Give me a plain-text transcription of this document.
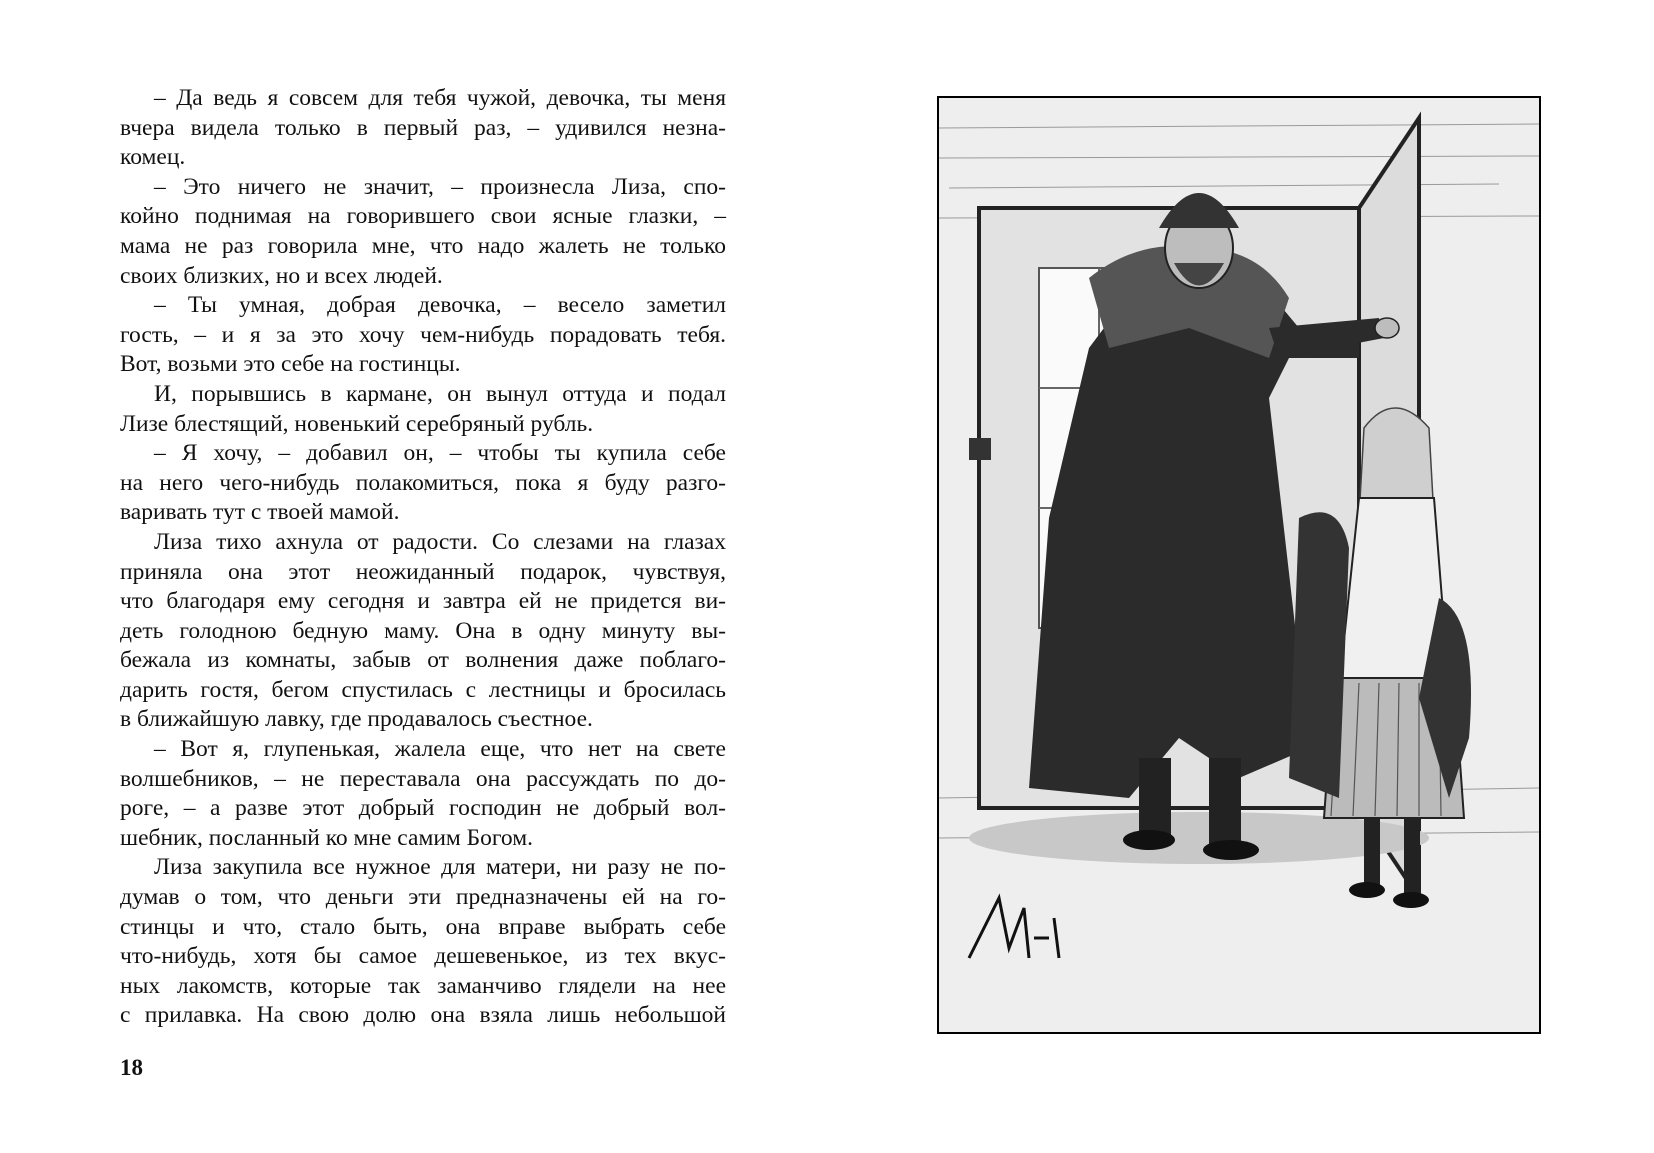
– Да ведь я совсем для тебя чужой, девочка, ты меня
вчера видела только в первый раз, – удивился незна-
комец.
– Это ничего не значит, – произнесла Лиза, спо-
койно поднимая на говорившего свои ясные глазки, –
мама не раз говорила мне, что надо жалеть не только
своих близких, но и всех людей.
– Ты умная, добрая девочка, – весело заметил
гость, – и я за это хочу чем-нибудь порадовать тебя.
Вот, возьми это себе на гостинцы.
И, порывшись в кармане, он вынул оттуда и подал
Лизе блестящий, новенький серебряный рубль.
– Я хочу, – добавил он, – чтобы ты купила себе
на него чего-нибудь полакомиться, пока я буду разго-
варивать тут с твоей мамой.
Лиза тихо ахнула от радости. Со слезами на глазах
приняла она этот неожиданный подарок, чувствуя,
что благодаря ему сегодня и завтра ей не придется ви-
деть голодною бедную маму. Она в одну минуту вы-
бежала из комнаты, забыв от волнения даже поблаго-
дарить гостя, бегом спустилась с лестницы и бросилась
в ближайшую лавку, где продавалось съестное.
– Вот я, глупенькая, жалела еще, что нет на свете
волшебников, – не переставала она рассуждать по до-
роге, – а разве этот добрый господин не добрый вол-
шебник, посланный ко мне самим Богом.
Лиза закупила все нужное для матери, ни разу не по-
думав о том, что деньги эти предназначены ей на го-
стинцы и что, стало быть, она вправе выбрать себе
что-нибудь, хотя бы самое дешевенькое, из тех вкус-
ных лакомств, которые так заманчиво глядели на нее
с прилавка. На свою долю она взяла лишь небольшой
18
